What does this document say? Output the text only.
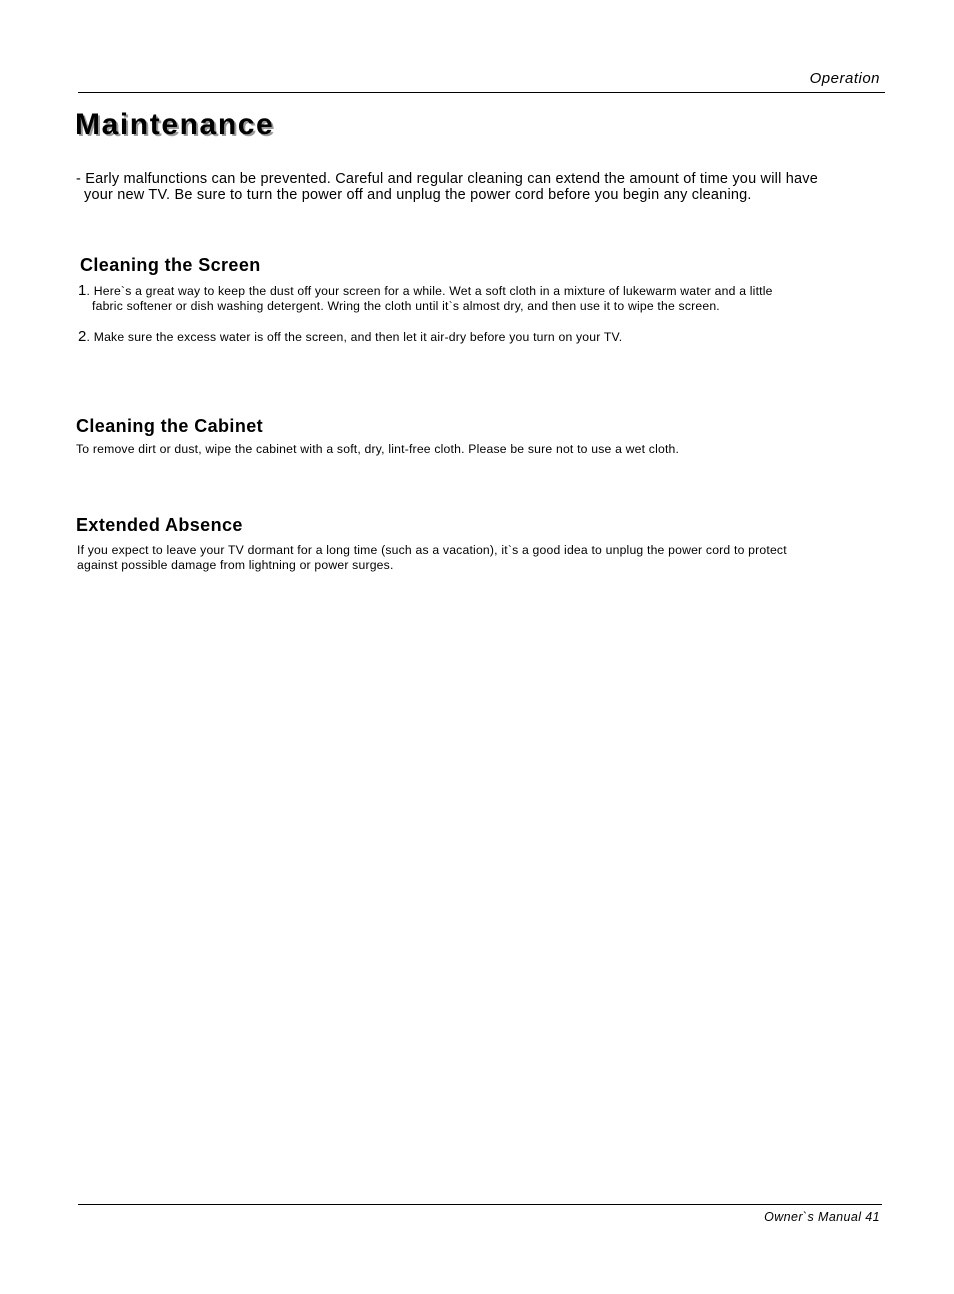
Operation
Maintenance
- Early malfunctions can be prevented. Careful and regular cleaning can extend the amount of time you will have
your new TV. Be sure to turn the power off and unplug the power cord before you begin any cleaning.
Cleaning the Screen
1. Here`s a great way to keep the dust off your screen for a while. Wet a soft cloth in a mixture of lukewarm water and a little
fabric softener or dish washing detergent. Wring the cloth until it`s almost dry, and then use it to wipe the screen.
2. Make sure the excess water is off the screen, and then let it air-dry before you turn on your TV.
Cleaning the Cabinet
To remove dirt or dust, wipe the cabinet with a soft, dry, lint-free cloth. Please be sure not to use a wet cloth.
Extended Absence
If you expect to leave your TV dormant for a long time (such as a vacation), it`s a good idea to unplug the power cord to protect
against possible damage from lightning or power surges.
Owner`s Manual 41
